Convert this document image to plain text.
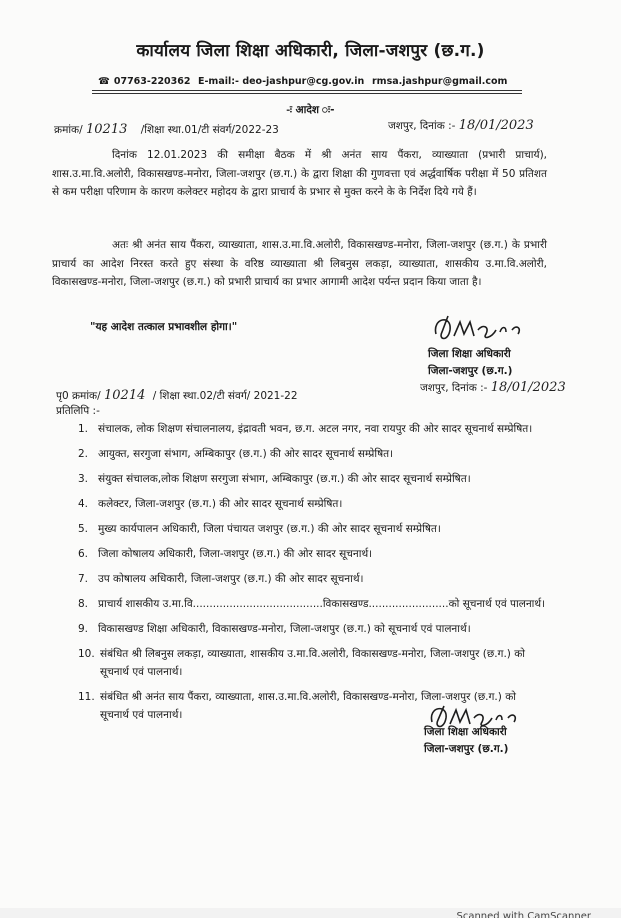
कार्यालय जिला शिक्षा अधिकारी, जिला-जशपुर (छ.ग.)
☎ 07763-220362 E-mail:- deo-jashpur@cg.gov.in rmsa.jashpur@gmail.com
-ः आदेश ः-
क्रमांक/ 10213 /शिक्षा स्था.01/टी संवर्ग/2022-23	जशपुर, दिनांक :- 18/01/2023
दिनांक 12.01.2023 की समीक्षा बैठक में श्री अनंत साय पैंकरा, व्याख्याता (प्रभारी प्राचार्य), शास.उ.मा.वि.अलोरी, विकासखण्ड-मनोरा, जिला-जशपुर (छ.ग.) के द्वारा शिक्षा की गुणवत्ता एवं अर्द्धवार्षिक परीक्षा में 50 प्रतिशत से कम परीक्षा परिणाम के कारण कलेक्टर महोदय के द्वारा प्राचार्य के प्रभार से मुक्त करने के के निर्देश दिये गये हैं।
अतः श्री अनंत साय पैंकरा, व्याख्याता, शास.उ.मा.वि.अलोरी, विकासखण्ड-मनोरा, जिला-जशपुर (छ.ग.) के प्रभारी प्राचार्य का आदेश निरस्त करते हुए संस्था के वरिष्ठ व्याख्याता श्री लिबनुस लकड़ा, व्याख्याता, शासकीय उ.मा.वि.अलोरी, विकासखण्ड-मनोरा, जिला-जशपुर (छ.ग.) को प्रभारी प्राचार्य का प्रभार आगामी आदेश पर्यन्त प्रदान किया जाता है।
"यह आदेश तत्काल प्रभावशील होगा।"
जिला शिक्षा अधिकारी
जिला-जशपुर (छ.ग.)
पृ0 क्रमांक/ 10214 / शिक्षा स्था.02/टी संवर्ग/ 2021-22
जशपुर, दिनांक :- 18/01/2023
प्रतिलिपि :-
1. संचालक, लोक शिक्षण संचालनालय, इंद्रावती भवन, छ.ग. अटल नगर, नवा रायपुर की ओर सादर सूचनार्थ सम्प्रेषित।
2. आयुक्त, सरगुजा संभाग, अम्बिकापुर (छ.ग.) की ओर सादर सूचनार्थ सम्प्रेषित।
3. संयुक्त संचालक,लोक शिक्षण सरगुजा संभाग, अम्बिकापुर (छ.ग.) की ओर सादर सूचनार्थ सम्प्रेषित।
4. कलेक्टर, जिला-जशपुर (छ.ग.) की ओर सादर सूचनार्थ सम्प्रेषित।
5. मुख्य कार्यपालन अधिकारी, जिला पंचायत जशपुर (छ.ग.) की ओर सादर सूचनार्थ सम्प्रेषित।
6. जिला कोषालय अधिकारी, जिला-जशपुर (छ.ग.) की ओर सादर सूचनार्थ।
7. उप कोषालय अधिकारी, जिला-जशपुर (छ.ग.) की ओर सादर सूचनार्थ।
8. प्राचार्य शासकीय उ.मा.वि.......................................विकासखण्ड........................को सूचनार्थ एवं पालनार्थ।
9. विकासखण्ड शिक्षा अधिकारी, विकासखण्ड-मनोरा, जिला-जशपुर (छ.ग.) को सूचनार्थ एवं पालनार्थ।
10. संबंधित श्री लिबनुस लकड़ा, व्याख्याता, शासकीय उ.मा.वि.अलोरी, विकासखण्ड-मनोरा, जिला-जशपुर (छ.ग.) को सूचनार्थ एवं पालनार्थ।
11. संबंधित श्री अनंत साय पैंकरा, व्याख्याता, शास.उ.मा.वि.अलोरी, विकासखण्ड-मनोरा, जिला-जशपुर (छ.ग.) को सूचनार्थ एवं पालनार्थ।
जिला शिक्षा अधिकारी
जिला-जशपुर (छ.ग.)
Scanned with CamScanner
